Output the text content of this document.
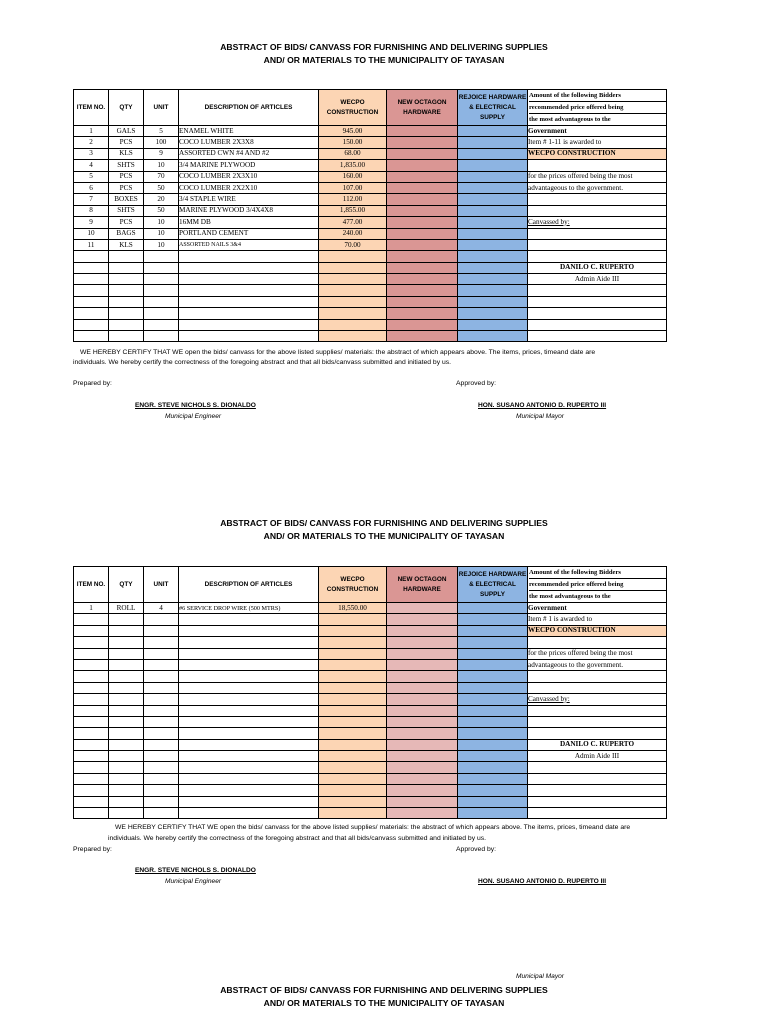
ABSTRACT OF BIDS/ CANVASS FOR FURNISHING AND DELIVERING SUPPLIES
AND/ OR MATERIALS TO THE MUNICIPALITY OF TAYASAN
ITEM NO.	QTY	UNIT	DESCRIPTION OF ARTICLES	WECPO CONSTRUCTION	NEW OCTAGON HARDWARE	REJOICE HARDWARE & ELECTRICAL SUPPLY	Amount of the following Bidders
recommended price offered being
the most advantageous to the

1	GALS	5	ENAMEL WHITE	945.00			Government
2	PCS	100	COCO LUMBER 2X3X8	150.00			Item # 1-11 is awarded to
3	KLS	9	ASSORTED CWN #4 AND #2	68.00			WECPO CONSTRUCTION
4	SHTS	10	3/4 MARINE PLYWOOD	1,835.00			
5	PCS	70	COCO LUMBER 2X3X10	160.00			for the prices offered being the most
6	PCS	50	COCO LUMBER 2X2X10	107.00			advantageous to the government.
7	BOXES	20	3/4 STAPLE WIRE	112.00			
8	SHTS	50	MARINE PLYWOOD 3/4X4X8	1,855.00			
9	PCS	10	16MM DB	477.00			Canvassed by:
10	BAGS	10	PORTLAND CEMENT	240.00			
11	KLS	10	ASSORTED NAILS 3&4	70.00			

							DANILO C. RUPERTO
							Admin Aide III

WE HEREBY CERTIFY THAT WE open the bids/ canvass for the above listed supplies/ materials: the abstract of which appears above. The items, prices, timeand date are
individuals. We hereby certify the correctness of the foregoing abstract and that all bids/canvass submitted and initiated by us.
Prepared by:	Approved by:
ENGR. STEVE NICHOLS S. DIONALDO
Municipal Engineer
HON. SUSANO ANTONIO D. RUPERTO III
Municipal Mayor
ABSTRACT OF BIDS/ CANVASS FOR FURNISHING AND DELIVERING SUPPLIES
AND/ OR MATERIALS TO THE MUNICIPALITY OF TAYASAN
ITEM NO.	QTY	UNIT	DESCRIPTION OF ARTICLES	WECPO CONSTRUCTION	NEW OCTAGON HARDWARE	REJOICE HARDWARE & ELECTRICAL SUPPLY	Amount of the following Bidders
recommended price offered being
the most advantageous to the

1	ROLL	4	#6 SERVICE DROP WIRE (500 MTRS)	18,550.00			Government
							Item # 1 is awarded to
							WECPO CONSTRUCTION

							for the prices offered being the most
							advantageous to the government.

							Canvassed by:

							DANILO C. RUPERTO
							Admin Aide III

WE HEREBY CERTIFY THAT WE open the bids/ canvass for the above listed supplies/ materials: the abstract of which appears above. The items, prices, timeand date are
individuals. We hereby certify the correctness of the foregoing abstract and that all bids/canvass submitted and initiated by us.
Prepared by:	Approved by:
ENGR. STEVE NICHOLS S. DIONALDO
Municipal Engineer	HON. SUSANO ANTONIO D. RUPERTO III
Municipal Mayor
ABSTRACT OF BIDS/ CANVASS FOR FURNISHING AND DELIVERING SUPPLIES
AND/ OR MATERIALS TO THE MUNICIPALITY OF TAYASAN
